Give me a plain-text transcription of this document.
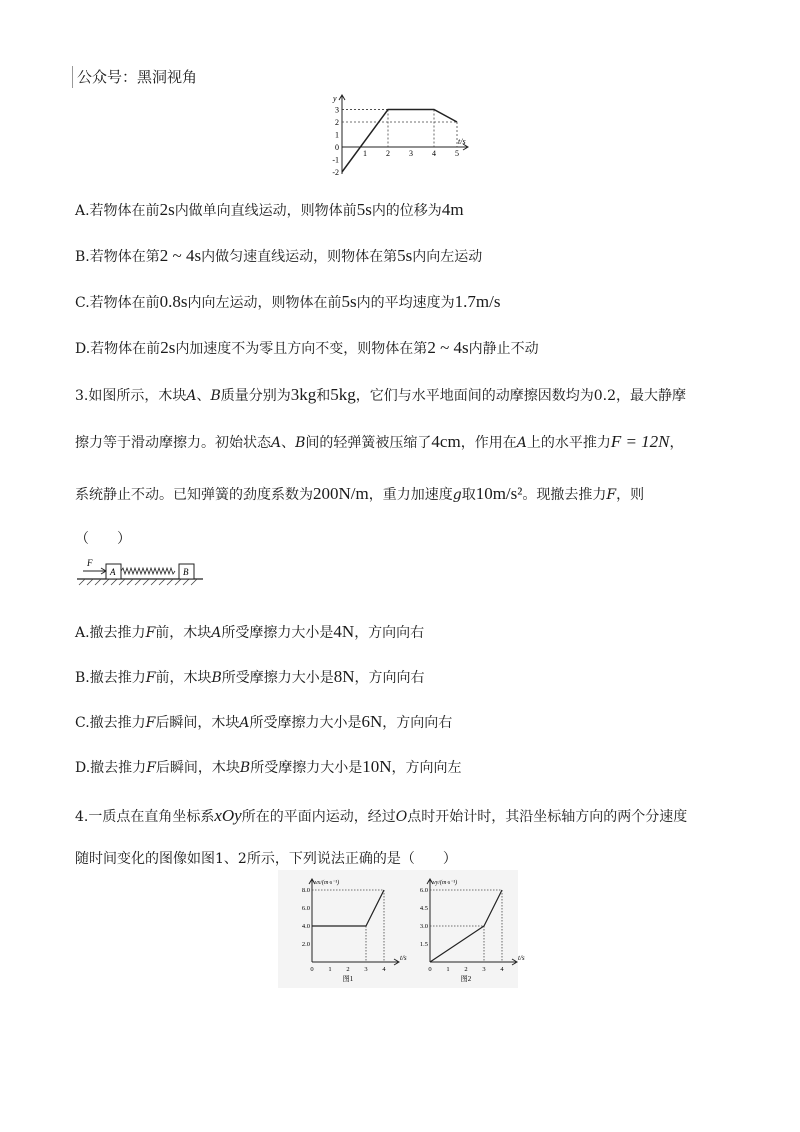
公众号：黑洞视角
y
t/s
3
2
1
0
-1
-2
1 2 3 4 5
A.若物体在前2s内做单向直线运动，则物体前5s内的位移为4m
B.若物体在第2 ~ 4s内做匀速直线运动，则物体在第5s内向左运动
C.若物体在前0.8s内向左运动，则物体在前5s内的平均速度为1.7m/s
D.若物体在前2s内加速度不为零且方向不变，则物体在第2 ~ 4s内静止不动
3.如图所示，木块A、B质量分别为3kg和5kg，它们与水平地面间的动摩擦因数均为0.2，最大静摩
擦力等于滑动摩擦力。初始状态A、B间的轻弹簧被压缩了4cm，作用在A上的水平推力F = 12N，
系统静止不动。已知弹簧的劲度系数为200N/m，重力加速度g取10m/s²。现撤去推力F，则
（　　）
F
A	B
A.撤去推力F前，木块A所受摩擦力大小是4N，方向向右
B.撤去推力F前，木块B所受摩擦力大小是8N，方向向右
C.撤去推力F后瞬间，木块A所受摩擦力大小是6N，方向向右
D.撤去推力F后瞬间，木块B所受摩擦力大小是10N，方向向左
4.一质点在直角坐标系xOy所在的平面内运动，经过O点时开始计时，其沿坐标轴方向的两个分速度
随时间变化的图像如图1、2所示，下列说法正确的是（　　）
vx/(m·s⁻¹)
t/s
8.0
6.0
4.0
2.0
0 1 2 3 4
图1
vy/(m·s⁻¹)
t/s
6.0
4.5
3.0
1.5
0 1 2 3 4
图2
